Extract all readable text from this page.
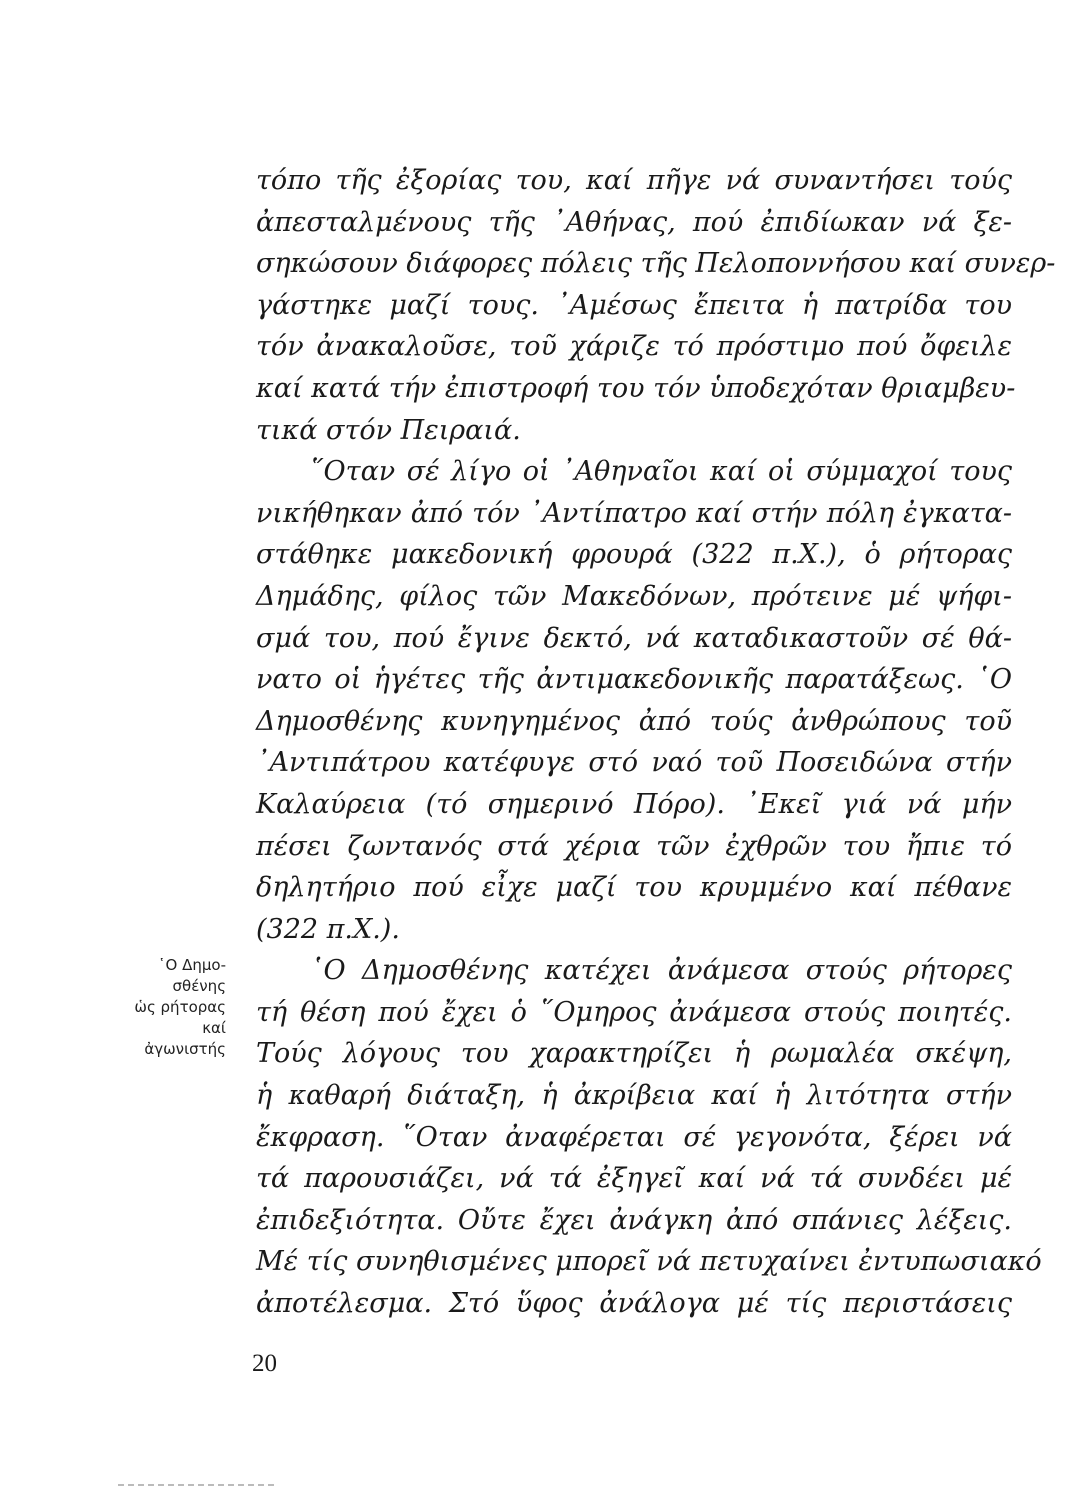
τόπο τῆς ἐξορίας του, καί πῆγε νά συναντήσει τούς
ἀπεσταλμένους τῆς ᾽Αθήνας, πού ἐπιδίωκαν νά ξε-
σηκώσουν διάφορες πόλεις τῆς Πελοποννήσου καί συνερ-
γάστηκε μαζί τους. ᾽Αμέσως ἔπειτα ἡ πατρίδα του
τόν ἀνακαλοῦσε, τοῦ χάριζε τό πρόστιμο πού ὄφειλε
καί κατά τήν ἐπιστροφή του τόν ὑποδεχόταν θριαμβευ-
τικά στόν Πειραιά.

῞Οταν σέ λίγο οἱ ᾽Αθηναῖοι καί οἱ σύμμαχοί τους
νικήθηκαν ἀπό τόν ᾽Αντίπατρο καί στήν πόλη ἐγκατα-
στάθηκε μακεδονική φρουρά (322 π.Χ.), ὁ ρήτορας
Δημάδης, φίλος τῶν Μακεδόνων, πρότεινε μέ ψήφι-
σμά του, πού ἔγινε δεκτό, νά καταδικαστοῦν σέ θά-
νατο οἱ ἡγέτες τῆς ἀντιμακεδονικῆς παρατάξεως. ῾Ο
Δημοσθένης κυνηγημένος ἀπό τούς ἀνθρώπους τοῦ
᾽Αντιπάτρου κατέφυγε στό ναό τοῦ Ποσειδώνα στήν
Καλαύρεια (τό σημερινό Πόρο). ᾽Εκεῖ γιά νά μήν
πέσει ζωντανός στά χέρια τῶν ἐχθρῶν του ἤπιε τό
δηλητήριο πού εἶχε μαζί του κρυμμένο καί πέθανε
(322 π.Χ.).

῾Ο Δημοσθένης κατέχει ἀνάμεσα στούς ρήτορες
τή θέση πού ἔχει ὁ ῞Ομηρος ἀνάμεσα στούς ποιητές.
Τούς λόγους του χαρακτηρίζει ἡ ρωμαλέα σκέψη,
ἡ καθαρή διάταξη, ἡ ἀκρίβεια καί ἡ λιτότητα στήν
ἔκφραση. ῞Οταν ἀναφέρεται σέ γεγονότα, ξέρει νά
τά παρουσιάζει, νά τά ἐξηγεῖ καί νά τά συνδέει μέ
ἐπιδεξιότητα. Οὔτε ἔχει ἀνάγκη ἀπό σπάνιες λέξεις.
Μέ τίς συνηθισμένες μπορεῖ νά πετυχαίνει ἐντυπωσιακό
ἀποτέλεσμα. Στό ὕφος ἀνάλογα μέ τίς περιστάσεις

῾Ο Δημο-
σθένης
ὡς ρήτορας
καί
ἀγωνιστής
20
